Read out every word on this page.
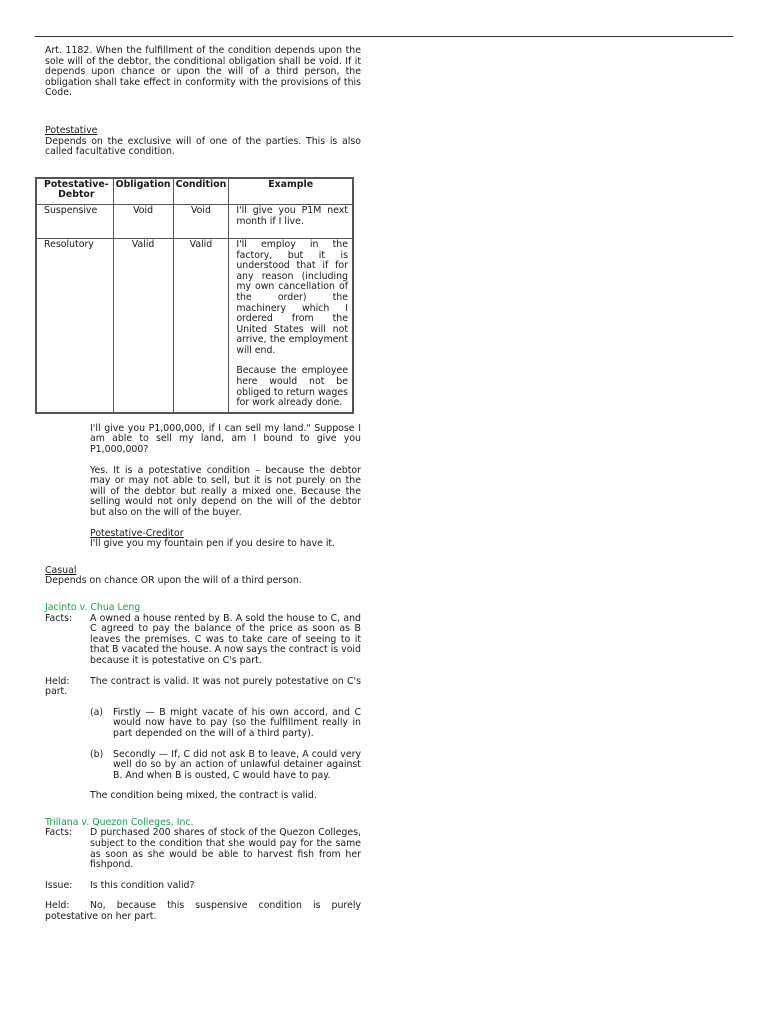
Art. 1182. When the fulfillment of the condition depends upon the sole will of the debtor, the conditional obligation shall be void. If it depends upon chance or upon the will of a third person, the obligation shall take effect in conformity with the provisions of this Code.

Potestative

Depends on the exclusive will of one of the parties. This is also called facultative condition.

Potestative-Debtor	Obligation	Condition	Example
Suspensive	Void	Void	I'll give you P1M next month if I live.

Resolutory	Valid	Valid	I'll employ in the factory, but it is understood that if for any reason (including my own cancellation of the order) the machinery which I ordered from the United States will not arrive, the employment will end.

Because the employee here would not be obliged to return wages for work already done.

I'll give you P1,000,000, if I can sell my land." Suppose I am able to sell my land, am I bound to give you P1,000,000?

Yes. It is a potestative condition – because the debtor may or may not able to sell, but it is not purely on the will of the debtor but really a mixed one. Because the selling would not only depend on the will of the debtor but also on the will of the buyer.

Potestative-Creditor

I'll give you my fountain pen if you desire to have it.

Casual

Depends on chance OR upon the will of a third person.

Jacinto v. Chua Leng

Facts:	A owned a house rented by B. A sold the house to C, and C agreed to pay the balance of the price as soon as B leaves the premises. C was to take care of seeing to it that B vacated the house. A now says the contract is void because it is potestative on C's part.

Held: The contract is valid. It was not purely potestative on C's part.

(a)	Firstly — B might vacate of his own accord, and C would now have to pay (so the fulfillment really in part depended on the will of a third party).
(b)	Secondly — If, C did not ask B to leave, A could very well do so by an action of unlawful detainer against B. And when B is ousted, C would have to pay.

The condition being mixed, the contract is valid.

Trillana v. Quezon Colleges, Inc.

Facts:	D purchased 200 shares of stock of the Quezon Colleges, subject to the condition that she would pay for the same as soon as she would be able to harvest fish from her fishpond.
Issue:	Is this condition valid?

Held: No, because this suspensive condition is purely potestative on her part.
